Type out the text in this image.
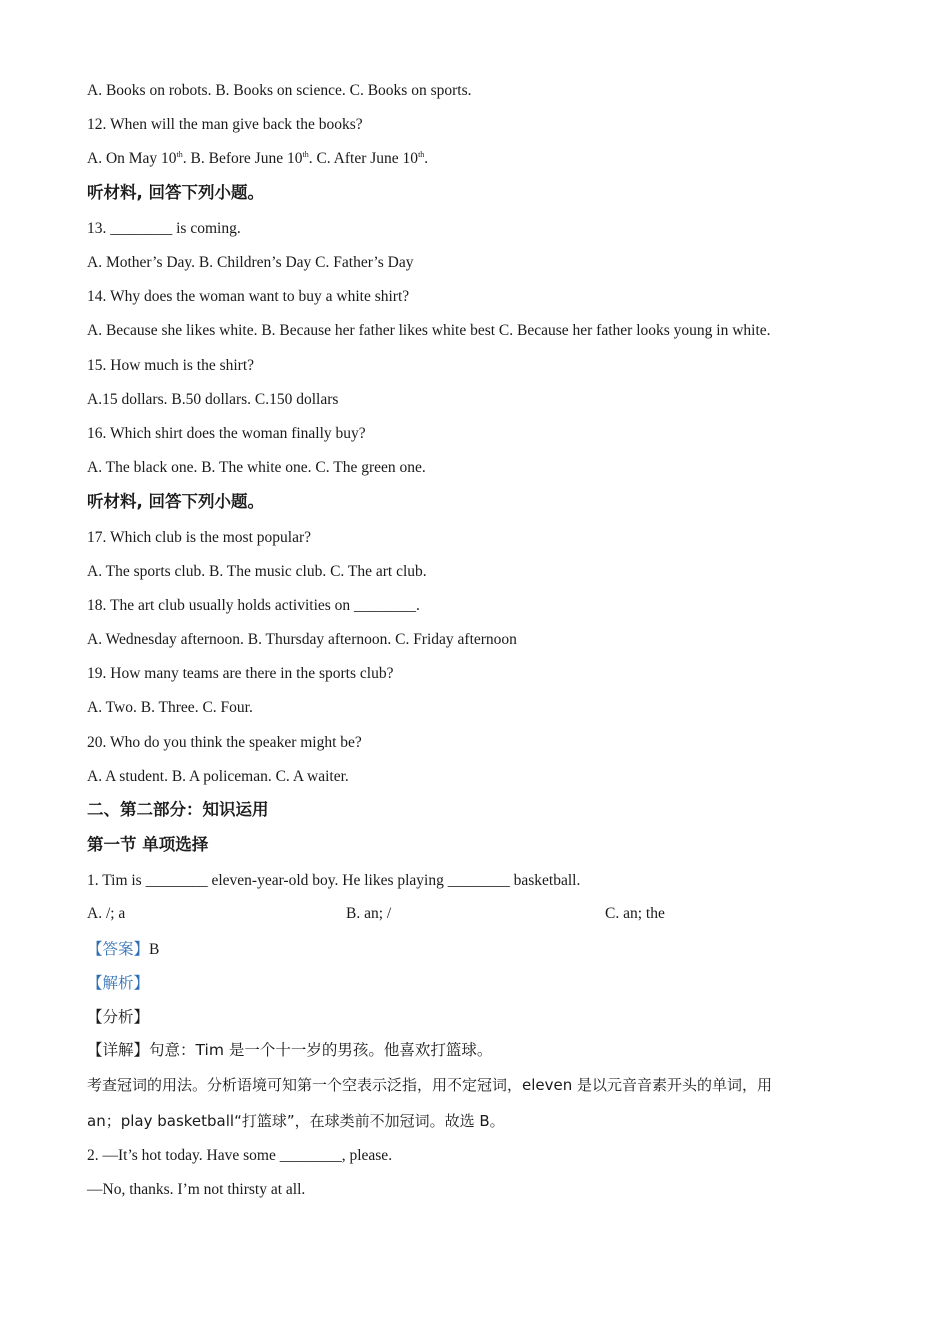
A. Books on robots. B. Books on science. C. Books on sports.
12. When will the man give back the books?
A. On May 10th. B. Before June 10th. C. After June 10th.
听材料, 回答下列小题。
13. ________ is coming.
A. Mother’s Day. B. Children’s Day C. Father’s Day
14. Why does the woman want to buy a white shirt?
A. Because she likes white. B. Because her father likes white best C. Because her father looks young in white.
15. How much is the shirt?
A.15 dollars. B.50 dollars. C.150 dollars
16. Which shirt does the woman finally buy?
A. The black one. B. The white one. C. The green one.
听材料, 回答下列小题。
17. Which club is the most popular?
A. The sports club. B. The music club. C. The art club.
18. The art club usually holds activities on ________.
A. Wednesday afternoon. B. Thursday afternoon. C. Friday afternoon
19. How many teams are there in the sports club?
A. Two. B. Three. C. Four.
20. Who do you think the speaker might be?
A. A student. B. A policeman. C. A waiter.
二、第二部分：知识运用
第一节 单项选择
1. Tim is ________ eleven-year-old boy. He likes playing ________ basketball.
A. /; a	B. an; /	C. an; the
【答案】B
【解析】
【分析】
【详解】句意：Tim 是一个十一岁的男孩。他喜欢打篮球。
考查冠词的用法。分析语境可知第一个空表示泛指，用不定冠词，eleven 是以元音音素开头的单词，用
an；play basketball“打篮球”，在球类前不加冠词。故选 B。
2. —It’s hot today. Have some ________, please.
—No, thanks. I’m not thirsty at all.
